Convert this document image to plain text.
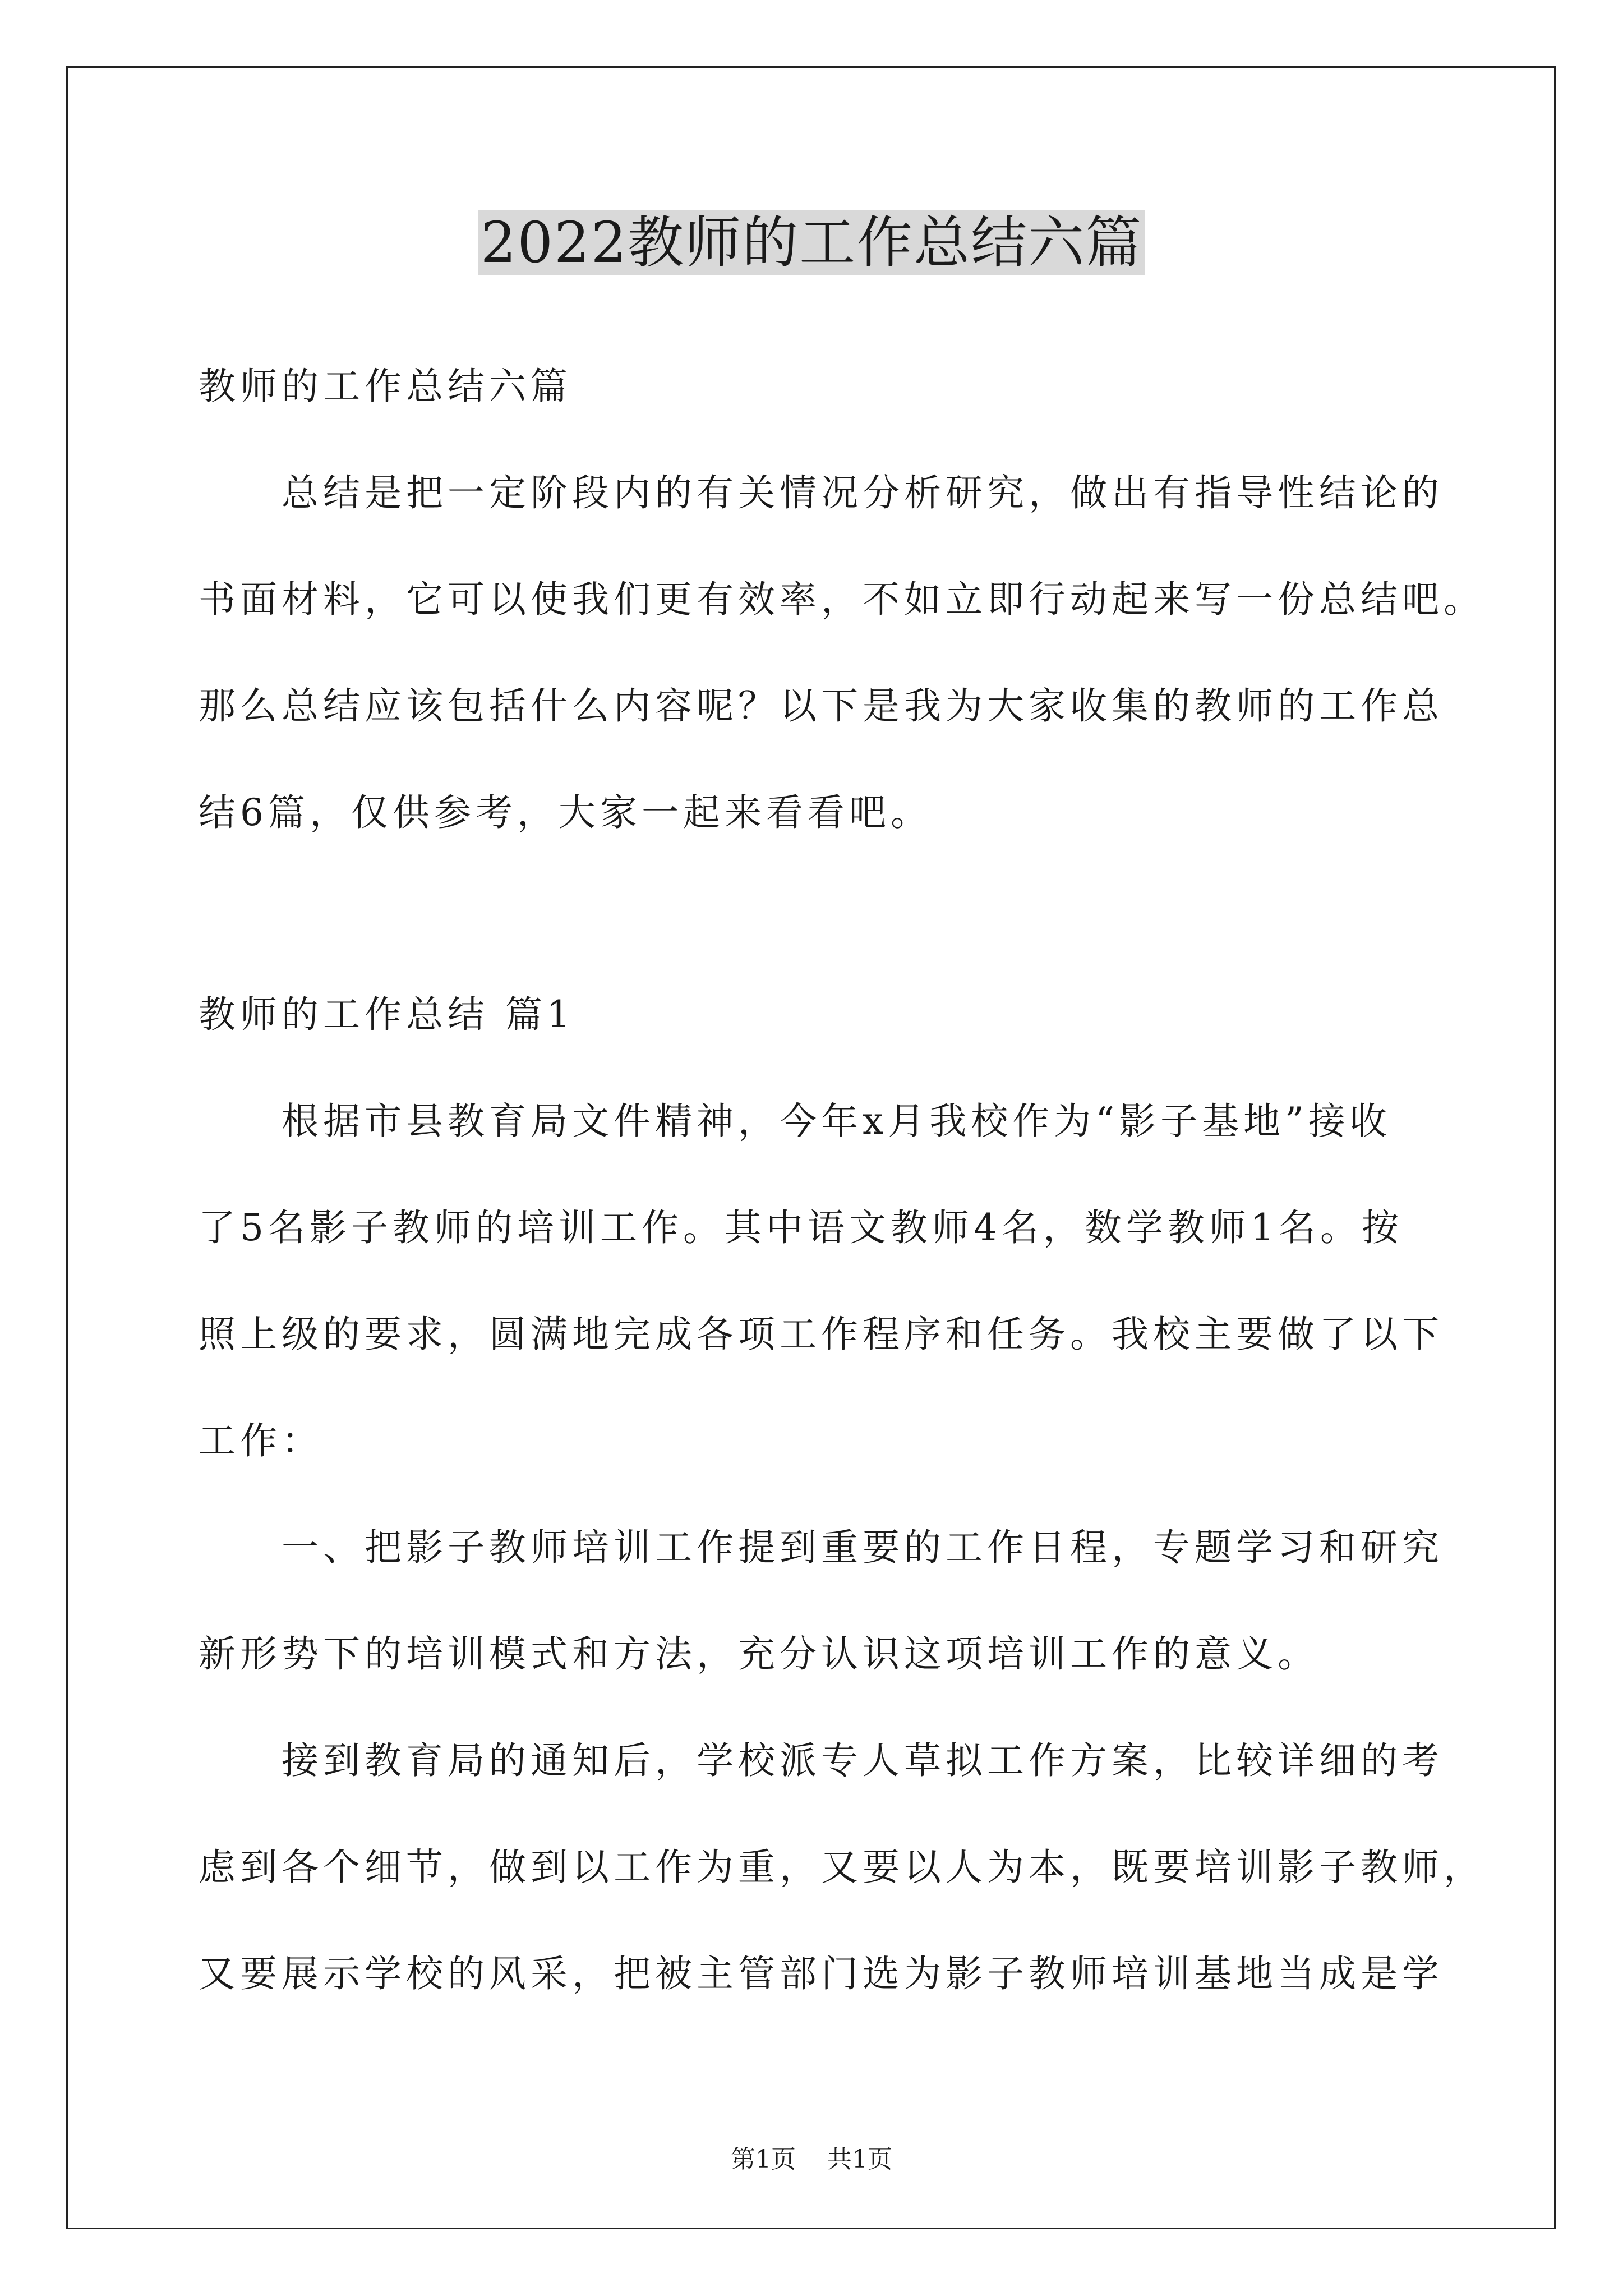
2022教师的工作总结六篇

教师的工作总结六篇

总结是把一定阶段内的有关情况分析研究，做出有指导性结论的
书面材料，它可以使我们更有效率，不如立即行动起来写一份总结吧。
那么总结应该包括什么内容呢？以下是我为大家收集的教师的工作总
结6篇，仅供参考，大家一起来看看吧。

教师的工作总结 篇1

根据市县教育局文件精神，今年x月我校作为“影子基地”接收
了5名影子教师的培训工作。其中语文教师4名，数学教师1名。按
照上级的要求，圆满地完成各项工作程序和任务。我校主要做了以下
工作：

一、把影子教师培训工作提到重要的工作日程，专题学习和研究
新形势下的培训模式和方法，充分认识这项培训工作的意义。

接到教育局的通知后，学校派专人草拟工作方案，比较详细的考
虑到各个细节，做到以工作为重，又要以人为本，既要培训影子教师，
又要展示学校的风采，把被主管部门选为影子教师培训基地当成是学

第1页 共1页
